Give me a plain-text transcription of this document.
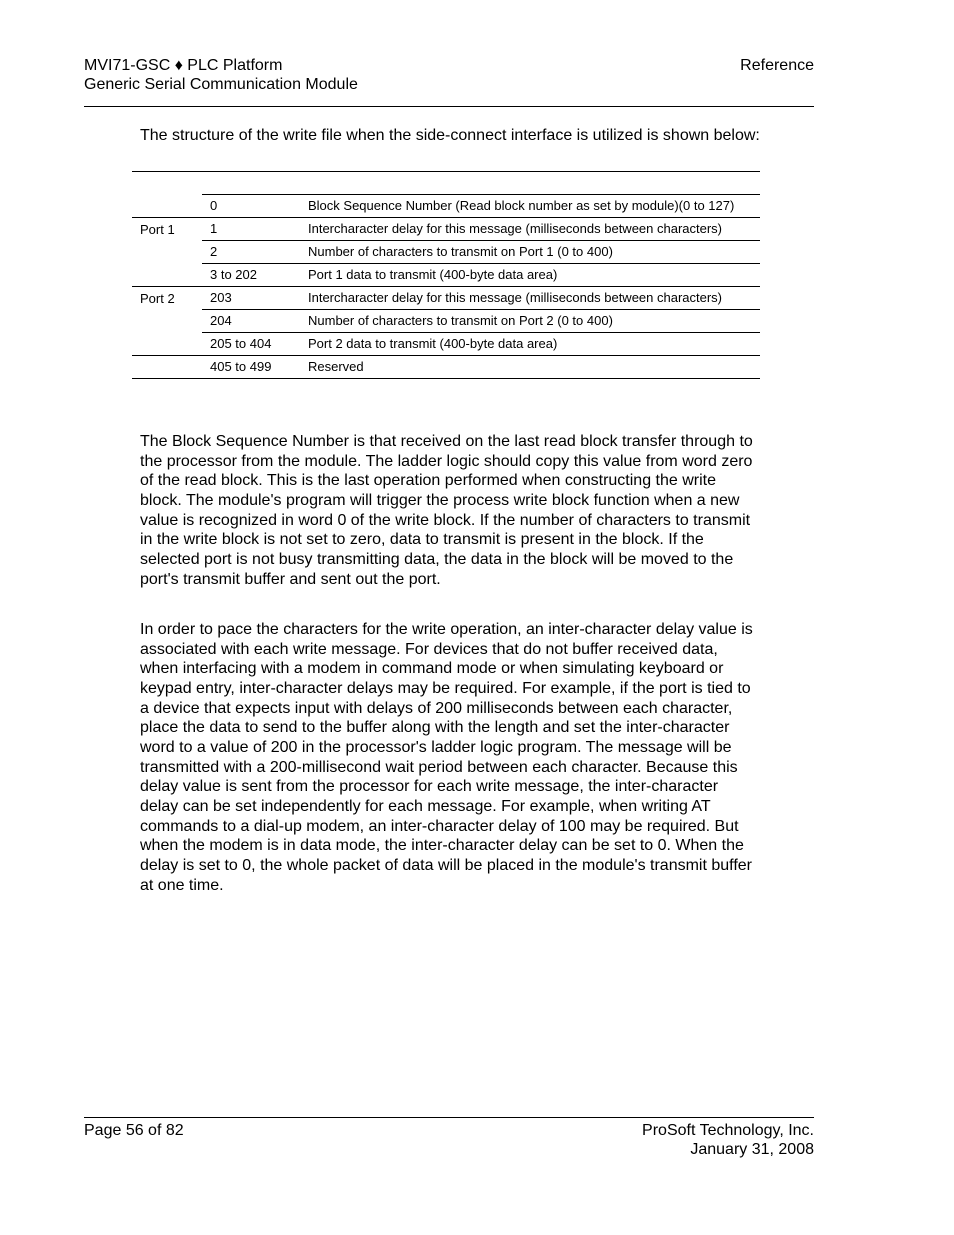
MVI71-GSC ♦ PLC Platform
Generic Serial Communication Module
Reference
The structure of the write file when the side-connect interface is utilized is shown below:

	0	Block Sequence Number (Read block number as set by module)(0 to 127)
Port 1	1	Intercharacter delay for this message (milliseconds between characters)
	2	Number of characters to transmit on Port 1 (0 to 400)
	3 to 202	Port 1 data to transmit (400-byte data area)
Port 2	203	Intercharacter delay for this message (milliseconds between characters)
	204	Number of characters to transmit on Port 2 (0 to 400)
	205 to 404	Port 2 data to transmit (400-byte data area)
	405 to 499	Reserved

The Block Sequence Number is that received on the last read block transfer through to the processor from the module. The ladder logic should copy this value from word zero of the read block. This is the last operation performed when constructing the write block. The module's program will trigger the process write block function when a new value is recognized in word 0 of the write block. If the number of characters to transmit in the write block is not set to zero, data to transmit is present in the block. If the selected port is not busy transmitting data, the data in the block will be moved to the port's transmit buffer and sent out the port.

In order to pace the characters for the write operation, an inter-character delay value is associated with each write message. For devices that do not buffer received data, when interfacing with a modem in command mode or when simulating keyboard or keypad entry, inter-character delays may be required. For example, if the port is tied to a device that expects input with delays of 200 milliseconds between each character, place the data to send to the buffer along with the length and set the inter-character word to a value of 200 in the processor's ladder logic program. The message will be transmitted with a 200-millisecond wait period between each character. Because this delay value is sent from the processor for each write message, the inter-character delay can be set independently for each message. For example, when writing AT commands to a dial-up modem, an inter-character delay of 100 may be required. But when the modem is in data mode, the inter-character delay can be set to 0. When the delay is set to 0, the whole packet of data will be placed in the module's transmit buffer at one time.

Page 56 of 82	ProSoft Technology, Inc.
January 31, 2008
